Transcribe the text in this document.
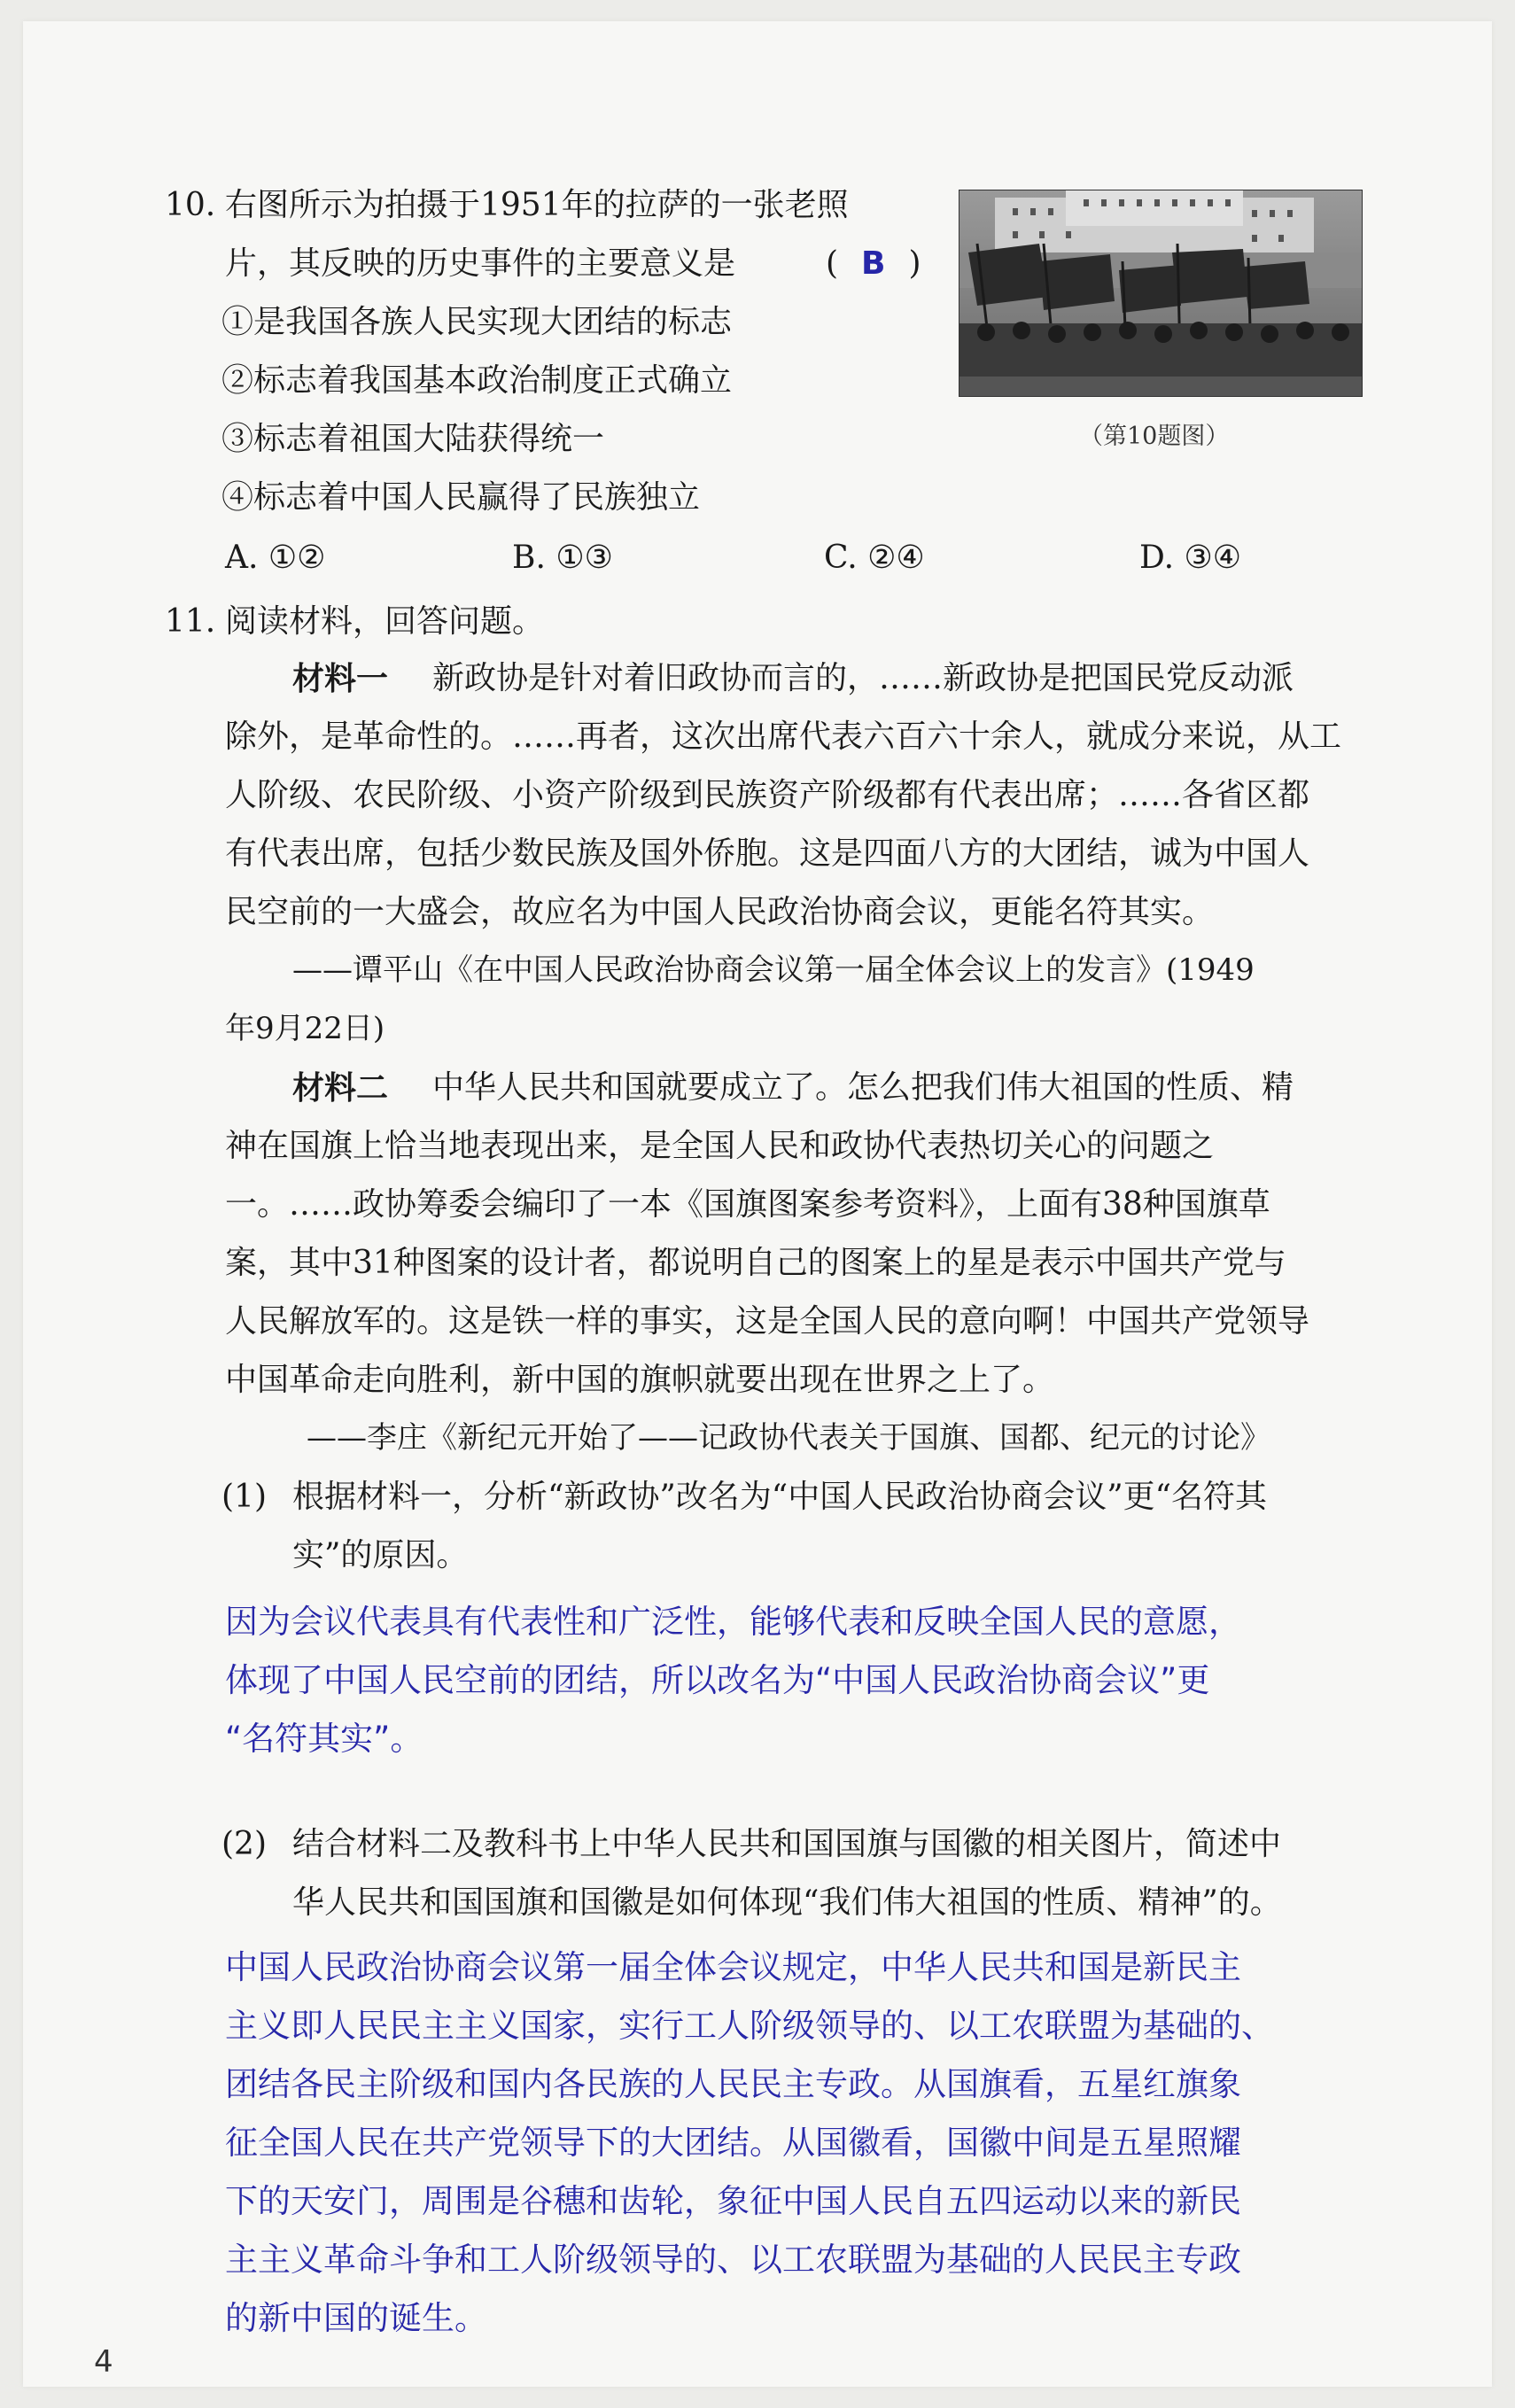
10. 右图所示为拍摄于1951年的拉萨的一张老照
片，其反映的历史事件的主要意义是	( B )
①是我国各族人民实现大团结的标志
②标志着我国基本政治制度正式确立
③标志着祖国大陆获得统一
④标志着中国人民赢得了民族独立
A. ①②	B. ①③	C. ②④	D. ③④
（第10题图）
11. 阅读材料，回答问题。
材料一 新政协是针对着旧政协而言的，……新政协是把国民党反动派
除外，是革命性的。……再者，这次出席代表六百六十余人，就成分来说，从工
人阶级、农民阶级、小资产阶级到民族资产阶级都有代表出席；……各省区都
有代表出席，包括少数民族及国外侨胞。这是四面八方的大团结，诚为中国人
民空前的一大盛会，故应名为中国人民政治协商会议，更能名符其实。
——谭平山《在中国人民政治协商会议第一届全体会议上的发言》(1949
年9月22日)
材料二 中华人民共和国就要成立了。怎么把我们伟大祖国的性质、精
神在国旗上恰当地表现出来，是全国人民和政协代表热切关心的问题之
一。……政协筹委会编印了一本《国旗图案参考资料》，上面有38种国旗草
案，其中31种图案的设计者，都说明自己的图案上的星是表示中国共产党与
人民解放军的。这是铁一样的事实，这是全国人民的意向啊！中国共产党领导
中国革命走向胜利，新中国的旗帜就要出现在世界之上了。
——李庄《新纪元开始了——记政协代表关于国旗、国都、纪元的讨论》
(1) 根据材料一，分析“新政协”改名为“中国人民政治协商会议”更“名符其
实”的原因。
因为会议代表具有代表性和广泛性，能够代表和反映全国人民的意愿，
体现了中国人民空前的团结，所以改名为“中国人民政治协商会议”更
“名符其实”。
(2) 结合材料二及教科书上中华人民共和国国旗与国徽的相关图片，简述中
华人民共和国国旗和国徽是如何体现“我们伟大祖国的性质、精神”的。
中国人民政治协商会议第一届全体会议规定，中华人民共和国是新民主
主义即人民民主主义国家，实行工人阶级领导的、以工农联盟为基础的、
团结各民主阶级和国内各民族的人民民主专政。从国旗看，五星红旗象
征全国人民在共产党领导下的大团结。从国徽看，国徽中间是五星照耀
下的天安门，周围是谷穗和齿轮，象征中国人民自五四运动以来的新民
主主义革命斗争和工人阶级领导的、以工农联盟为基础的人民民主专政
的新中国的诞生。
4
